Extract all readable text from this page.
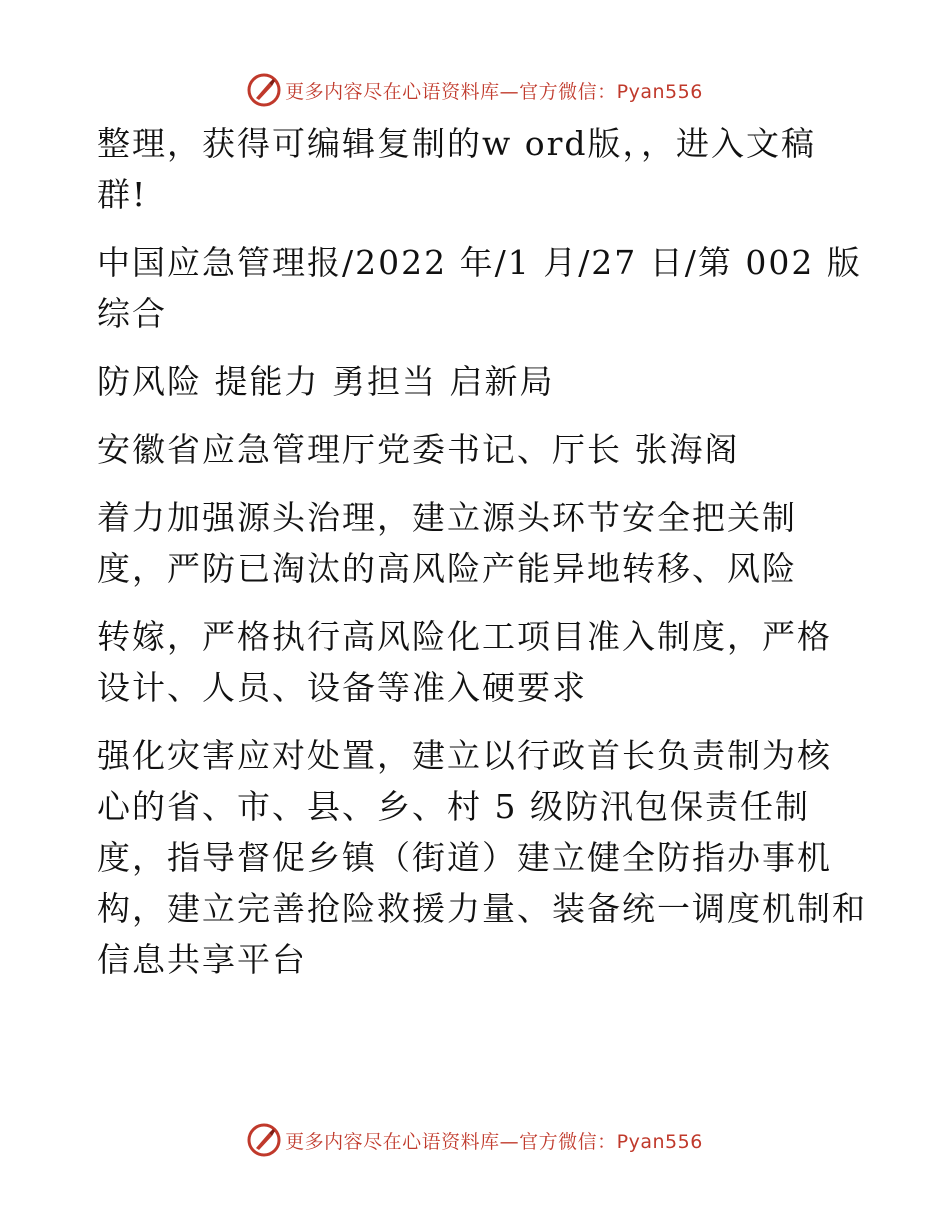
更多内容尽在心语资料库—官方微信：Pyan556

整理，获得可编辑复制的w ord版，，进入文稿

群!

中国应急管理报/2022 年/1 月/27 日/第 002 版

综合

防风险 提能力 勇担当 启新局

安徽省应急管理厅党委书记、厅长 张海阁

着力加强源头治理，建立源头环节安全把关制

度，严防已淘汰的高风险产能异地转移、风险

转嫁，严格执行高风险化工项目准入制度，严格

设计、人员、设备等准入硬要求

强化灾害应对处置，建立以行政首长负责制为核

心的省、市、县、乡、村 5 级防汛包保责任制

度，指导督促乡镇（街道）建立健全防指办事机

构，建立完善抢险救援力量、装备统一调度机制和

信息共享平台

更多内容尽在心语资料库—官方微信：Pyan556
